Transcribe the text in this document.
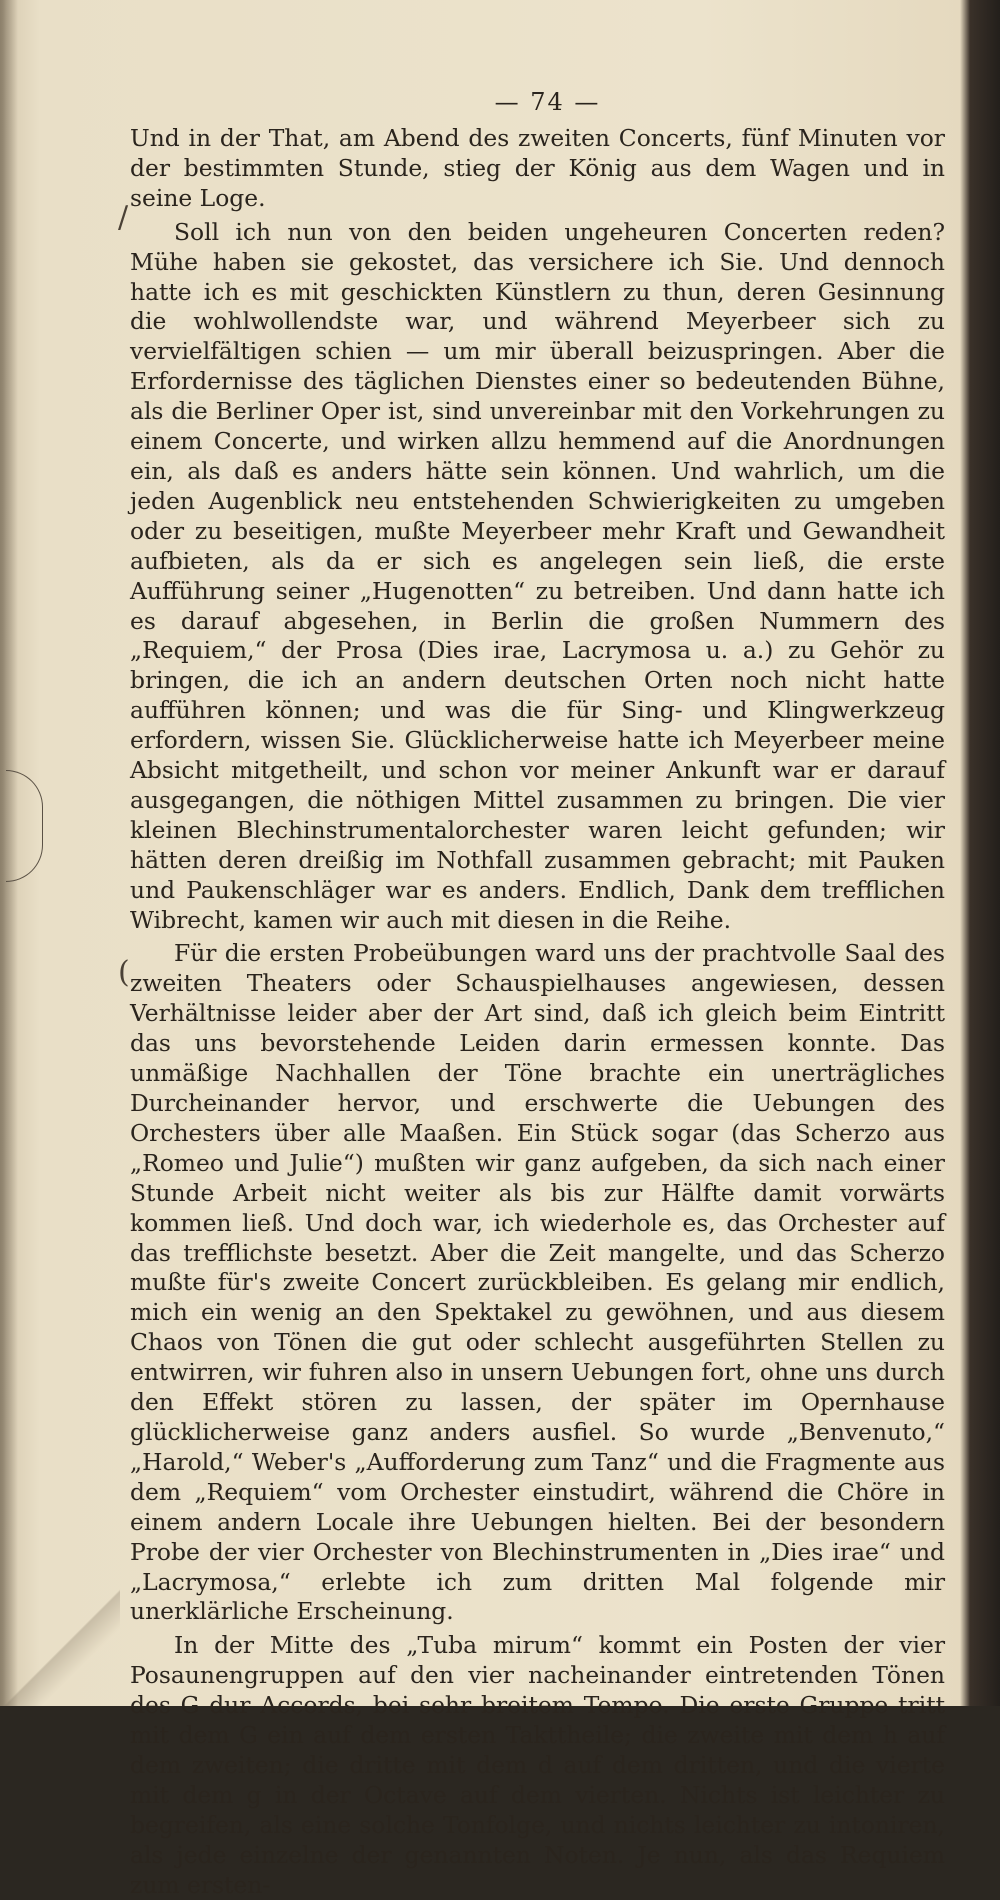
/
(
— 74 —

Und in der That, am Abend des zweiten Concerts, fünf Minuten vor der bestimmten Stunde, stieg der König aus dem Wagen und in seine Loge.

Soll ich nun von den beiden ungeheuren Concerten reden? Mühe haben sie gekostet, das versichere ich Sie. Und dennoch hatte ich es mit geschickten Künstlern zu thun, deren Gesinnung die wohlwollendste war, und während Meyerbeer sich zu vervielfältigen schien — um mir überall beizuspringen. Aber die Erfordernisse des täglichen Dienstes einer so bedeutenden Bühne, als die Berliner Oper ist, sind unvereinbar mit den Vorkehrungen zu einem Concerte, und wirken allzu hemmend auf die Anordnungen ein, als daß es anders hätte sein können. Und wahrlich, um die jeden Augenblick neu entstehenden Schwierigkeiten zu umgeben oder zu beseitigen, mußte Meyerbeer mehr Kraft und Gewandheit aufbieten, als da er sich es angelegen sein ließ, die erste Aufführung seiner „Hugenotten“ zu betreiben. Und dann hatte ich es darauf abgesehen, in Berlin die großen Nummern des „Requiem,“ der Prosa (Dies irae, Lacrymosa u. a.) zu Gehör zu bringen, die ich an andern deutschen Orten noch nicht hatte aufführen können; und was die für Sing- und Klingwerkzeug erfordern, wissen Sie. Glücklicherweise hatte ich Meyerbeer meine Absicht mitgetheilt, und schon vor meiner Ankunft war er darauf ausgegangen, die nöthigen Mittel zusammen zu bringen. Die vier kleinen Blechinstrumentalorchester waren leicht gefunden; wir hätten deren dreißig im Nothfall zusammen gebracht; mit Pauken und Paukenschläger war es anders. Endlich, Dank dem trefflichen Wibrecht, kamen wir auch mit diesen in die Reihe.

Für die ersten Probeübungen ward uns der prachtvolle Saal des zweiten Theaters oder Schauspielhauses angewiesen, dessen Verhältnisse leider aber der Art sind, daß ich gleich beim Eintritt das uns bevorstehende Leiden darin ermessen konnte. Das unmäßige Nachhallen der Töne brachte ein unerträgliches Durcheinander hervor, und erschwerte die Uebungen des Orchesters über alle Maaßen. Ein Stück sogar (das Scherzo aus „Romeo und Julie“) mußten wir ganz aufgeben, da sich nach einer Stunde Arbeit nicht weiter als bis zur Hälfte damit vorwärts kommen ließ. Und doch war, ich wiederhole es, das Orchester auf das trefflichste besetzt. Aber die Zeit mangelte, und das Scherzo mußte für's zweite Concert zurückbleiben. Es gelang mir endlich, mich ein wenig an den Spektakel zu gewöhnen, und aus diesem Chaos von Tönen die gut oder schlecht ausgeführten Stellen zu entwirren, wir fuhren also in unsern Uebungen fort, ohne uns durch den Effekt stören zu lassen, der später im Opernhause glücklicherweise ganz anders ausfiel. So wurde „Benvenuto,“ „Harold,“ Weber's „Aufforderung zum Tanz“ und die Fragmente aus dem „Requiem“ vom Orchester einstudirt, während die Chöre in einem andern Locale ihre Uebungen hielten. Bei der besondern Probe der vier Orchester von Blechinstrumenten in „Dies irae“ und „Lacrymosa,“ erlebte ich zum dritten Mal folgende mir unerklärliche Erscheinung.

In der Mitte des „Tuba mirum“ kommt ein Posten der vier Posaunengruppen auf den vier nacheinander eintretenden Tönen des G dur Accords, bei sehr breitem Tempo. Die erste Gruppe tritt mit dem G ein auf dem ersten Takttheile; die zweite mit dem h auf dem zweiten; die dritte mit dem d auf dem dritten, und die vierte mit dem g in der Octave auf dem vierten. Nichts ist leichter zu begreifen, als eine solche Tonfolge, und nichts leichter zu intoniren, als jede einzelne der genannten Noten. Je nun, als das Requiem zum ersten-
